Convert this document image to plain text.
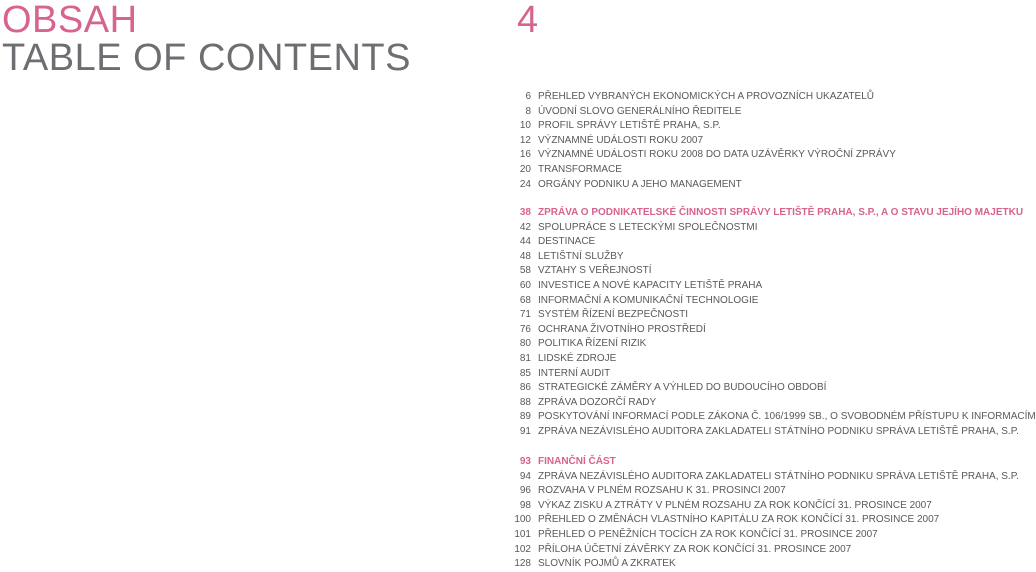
OBSAH
TABLE OF CONTENTS
4
6 PŘEHLED VYBRANÝCH EKONOMICKÝCH A PROVOZNÍCH UKAZATELŮ
8 ÚVODNÍ SLOVO GENERÁLNÍHO ŘEDITELE
10 PROFIL SPRÁVY LETIŠTĚ PRAHA, S.P.
12 VÝZNAMNÉ UDÁLOSTI ROKU 2007
16 VÝZNAMNÉ UDÁLOSTI ROKU 2008 DO DATA UZÁVĚRKY VÝROČNÍ ZPRÁVY
20 TRANSFORMACE
24 ORGÁNY PODNIKU A JEHO MANAGEMENT
38 ZPRÁVA O PODNIKATELSKÉ ČINNOSTI SPRÁVY LETIŠTĚ PRAHA, S.P., A O STAVU JEJÍHO MAJETKU
42 SPOLUPRÁCE S LETECKÝMI SPOLEČNOSTMI
44 DESTINACE
48 LETIŠTNÍ SLUŽBY
58 VZTAHY S VEŘEJNOSTÍ
60 INVESTICE A NOVÉ KAPACITY LETIŠTĚ PRAHA
68 INFORMAČNÍ A KOMUNIKAČNÍ TECHNOLOGIE
71 SYSTÉM ŘÍZENÍ BEZPEČNOSTI
76 OCHRANA ŽIVOTNÍHO PROSTŘEDÍ
80 POLITIKA ŘÍZENÍ RIZIK
81 LIDSKÉ ZDROJE
85 INTERNÍ AUDIT
86 STRATEGICKÉ ZÁMĚRY A VÝHLED DO BUDOUCÍHO OBDOBÍ
88 ZPRÁVA DOZORČÍ RADY
89 POSKYTOVÁNÍ INFORMACÍ PODLE ZÁKONA Č. 106/1999 SB., O SVOBODNÉM PŘÍSTUPU K INFORMACÍM
91 ZPRÁVA NEZÁVISLÉHO AUDITORA ZAKLADATELI STÁTNÍHO PODNIKU SPRÁVA LETIŠTĚ PRAHA, S.P.
93 FINANČNÍ ČÁST
94 ZPRÁVA NEZÁVISLÉHO AUDITORA ZAKLADATELI STÁTNÍHO PODNIKU SPRÁVA LETIŠTĚ PRAHA, S.P.
96 ROZVAHA V PLNÉM ROZSAHU K 31. PROSINCI 2007
98 VÝKAZ ZISKU A ZTRÁTY V PLNÉM ROZSAHU ZA ROK KONČÍCÍ 31. PROSINCE 2007
100 PŘEHLED O ZMĚNÁCH VLASTNÍHO KAPITÁLU ZA ROK KONČÍCÍ 31. PROSINCE 2007
101 PŘEHLED O PENĚŽNÍCH TOCÍCH ZA ROK KONČÍCÍ 31. PROSINCE 2007
102 PŘÍLOHA ÚČETNÍ ZÁVĚRKY ZA ROK KONČÍCÍ 31. PROSINCE 2007
128 SLOVNÍK POJMŮ A ZKRATEK
